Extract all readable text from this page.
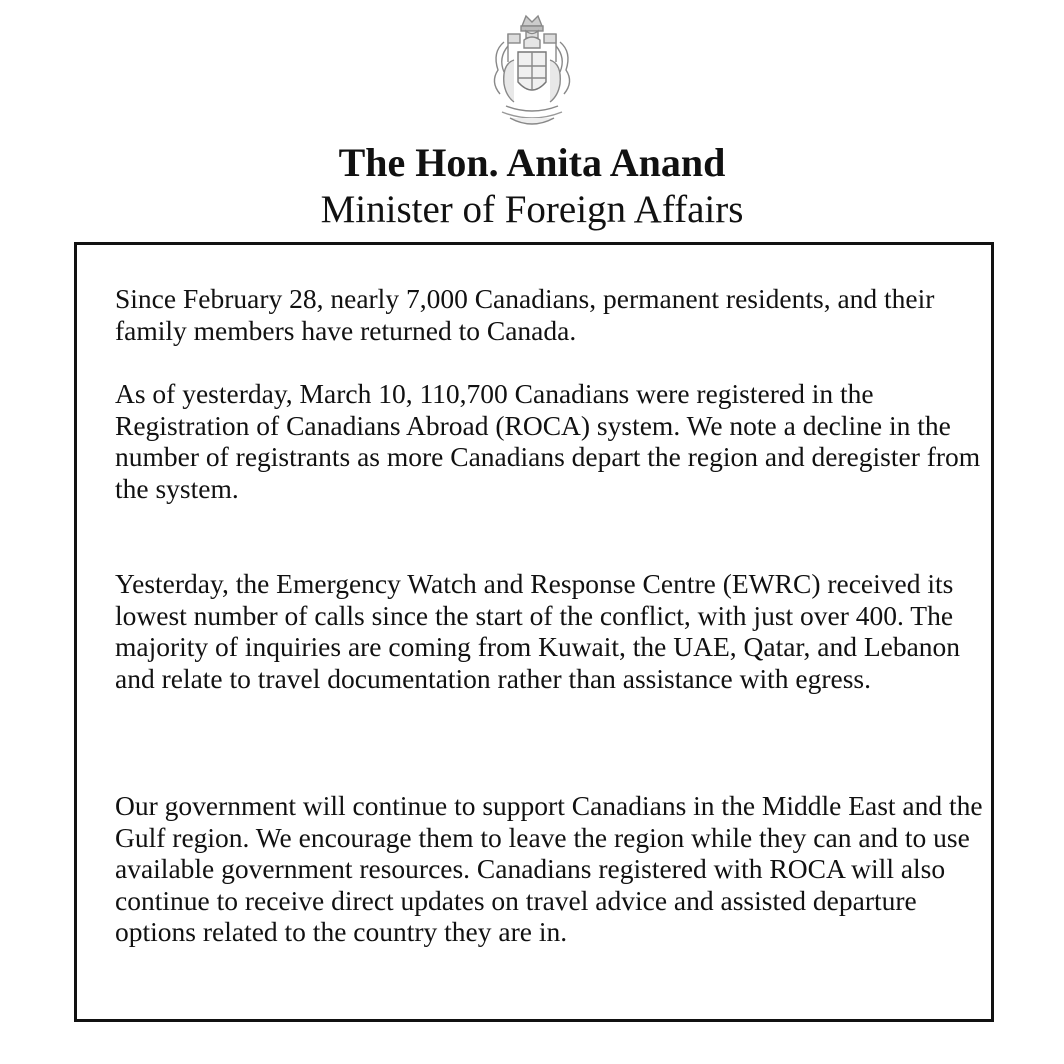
The Hon. Anita Anand
Minister of Foreign Affairs

Since February 28, nearly 7,000 Canadians, permanent residents, and their family members have returned to Canada.

As of yesterday, March 10, 110,700 Canadians were registered in the Registration of Canadians Abroad (ROCA) system. We note a decline in the number of registrants as more Canadians depart the region and deregister from the system.

Yesterday, the Emergency Watch and Response Centre (EWRC) received its lowest number of calls since the start of the conflict, with just over 400. The majority of inquiries are coming from Kuwait, the UAE, Qatar, and Lebanon and relate to travel documentation rather than assistance with egress.

Our government will continue to support Canadians in the Middle East and the Gulf region. We encourage them to leave the region while they can and to use available government resources. Canadians registered with ROCA will also continue to receive direct updates on travel advice and assisted departure options related to the country they are in.
